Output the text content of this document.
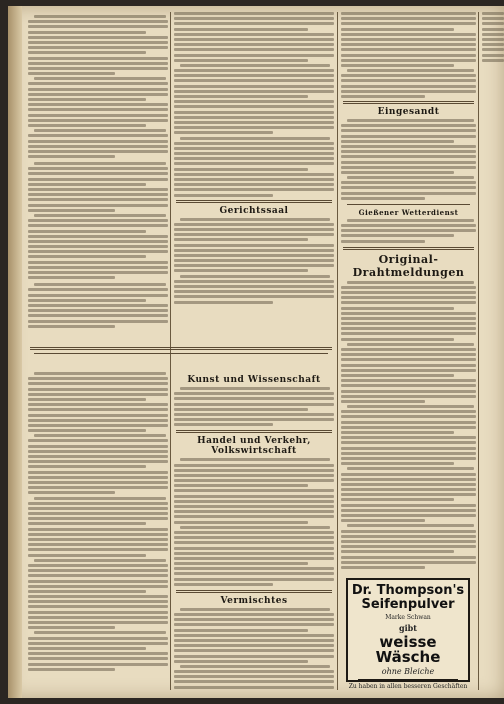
Gerichtssaal
Kunst und Wissenschaft
Handel und Verkehr, Volkswirtschaft
Vermischtes
Eingesandt
Gießener Wetterdienst
Original-Drahtmeldungen
Dr. Thompson's
Seifenpulver
Marke Schwan
gibt
weisse Wäsche
ohne Bleiche
Zu haben in allen besseren Geschäften
